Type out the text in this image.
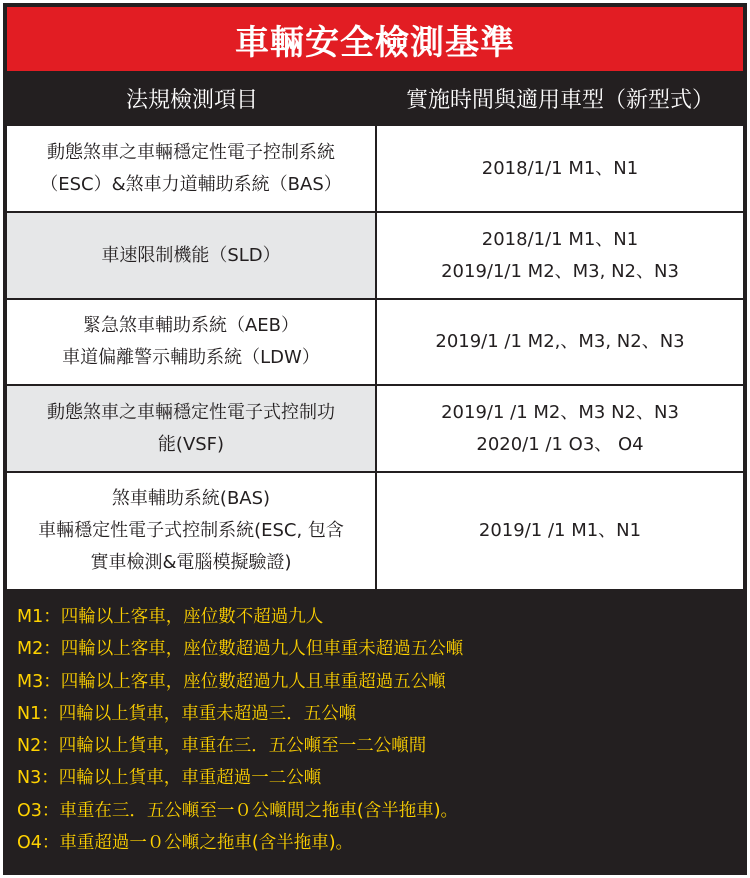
車輛安全檢測基準
法規檢測項目	實施時間與適用車型（新型式）
動態煞車之車輛穩定性電子控制系統
（ESC）&煞車力道輔助系統（BAS）
2018/1/1 M1、N1
車速限制機能（SLD）
2018/1/1 M1、N1
2019/1/1 M2、M3, N2、N3
緊急煞車輔助系統（AEB）
車道偏離警示輔助系統（LDW）
2019/1 /1 M2,、M3, N2、N3
動態煞車之車輛穩定性電子式控制功
能(VSF)
2019/1 /1 M2、M3 N2、N3
2020/1 /1 O3、 O4
煞車輔助系統(BAS)
車輛穩定性電子式控制系統(ESC, 包含
實車檢測&電腦模擬驗證)
2019/1 /1 M1、N1
M1：四輪以上客車，座位數不超過九人
M2：四輪以上客車，座位數超過九人但車重未超過五公噸
M3：四輪以上客車，座位數超過九人且車重超過五公噸
N1：四輪以上貨車，車重未超過三．五公噸
N2：四輪以上貨車，車重在三．五公噸至一二公噸間
N3：四輪以上貨車，車重超過一二公噸
O3：車重在三．五公噸至一０公噸間之拖車(含半拖車)。
O4：車重超過一０公噸之拖車(含半拖車)。
